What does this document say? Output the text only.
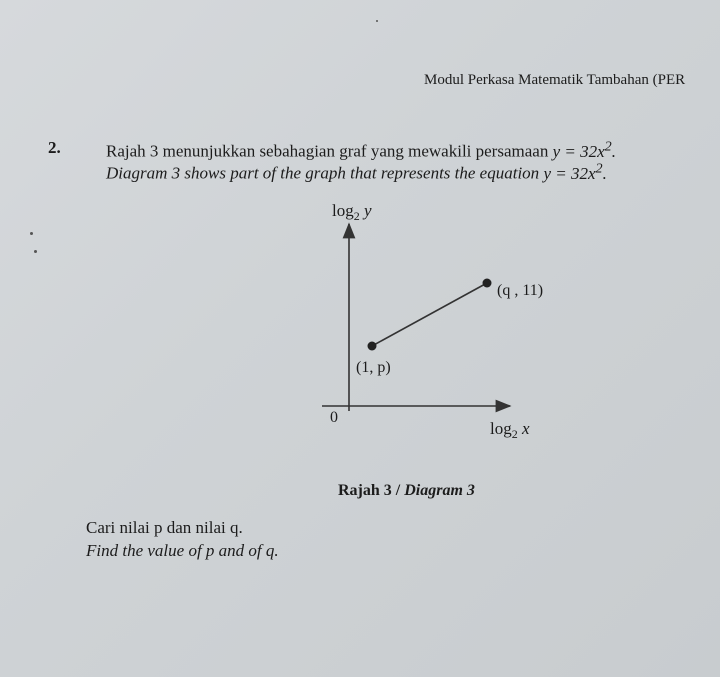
Modul Perkasa Matematik Tambahan (PER
2.	Rajah 3 menunjukkan sebahagian graf yang mewakili persamaan $y = 32x^2$.
Diagram 3 shows part of the graph that represents the equation $y = 32x^2$.
$\log_2 y$
$\log_2 x$
0
(q , 11)
(1, p)
Rajah 3 / Diagram 3
Cari nilai p dan nilai q.
Find the value of p and of q.
